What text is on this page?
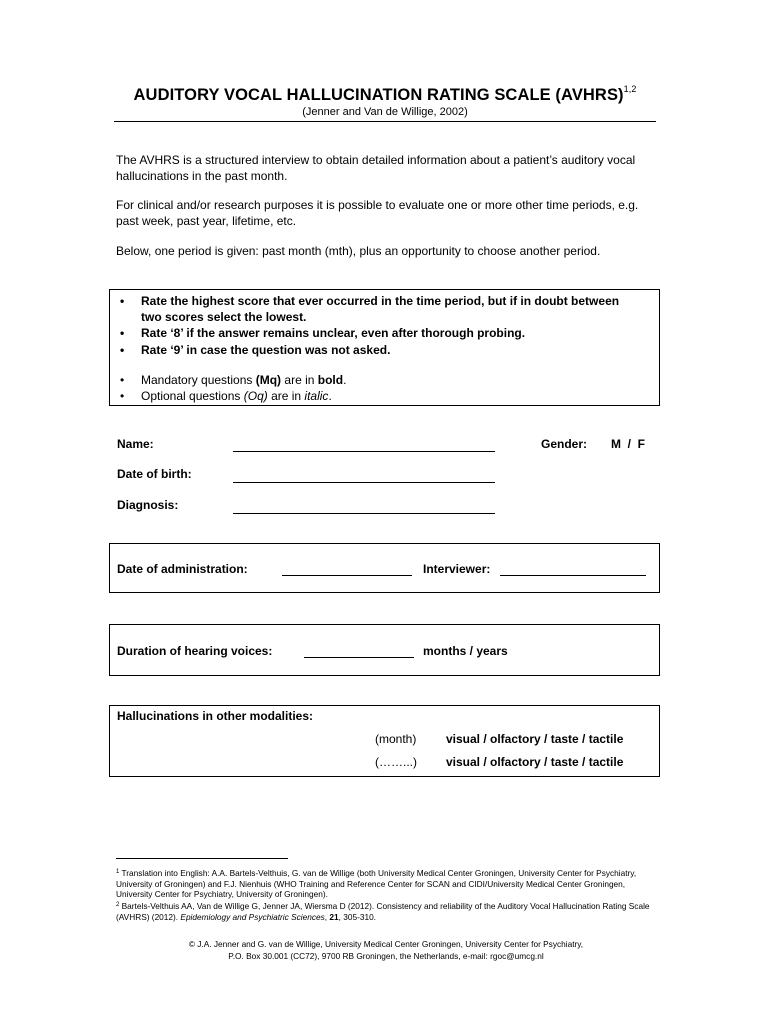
AUDITORY VOCAL HALLUCINATION RATING SCALE (AVHRS)$^{1,2}$
(Jenner and Van de Willige, 2002)
The AVHRS is a structured interview to obtain detailed information about a patient’s auditory vocal hallucinations in the past month.
For clinical and/or research purposes it is possible to evaluate one or more other time periods, e.g. past week, past year, lifetime, etc.
Below, one period is given: past month (mth), plus an opportunity to choose another period.
•	Rate the highest score that ever occurred in the time period, but if in doubt between two scores select the lowest.
•	Rate ‘8’ if the answer remains unclear, even after thorough probing.
•	Rate ‘9’ in case the question was not asked.
•	Mandatory questions (Mq) are in bold.
•	Optional questions (Oq) are in italic.
Name:	Gender: M  /  F
Date of birth:
Diagnosis:
Date of administration:	Interviewer:
Duration of hearing voices:	months / years
Hallucinations in other modalities:
(month) visual / olfactory / taste / tactile
(……...) visual / olfactory / taste / tactile
$^1$ Translation into English: A.A. Bartels-Velthuis, G. van de Willige (both University Medical Center Groningen, University Center for Psychiatry, University of Groningen) and F.J. Nienhuis (WHO Training and Reference Center for SCAN and CIDI/University Medical Center Groningen, University Center for Psychiatry, University of Groningen).
$^2$ Bartels-Velthuis AA, Van de Willige G, Jenner JA, Wiersma D (2012). Consistency and reliability of the Auditory Vocal Hallucination Rating Scale (AVHRS) (2012). Epidemiology and Psychiatric Sciences, 21, 305-310.
© J.A. Jenner and G. van de Willige, University Medical Center Groningen, University Center for Psychiatry,
P.O. Box 30.001 (CC72), 9700 RB Groningen, the Netherlands, e-mail: rgoc@umcg.nl
